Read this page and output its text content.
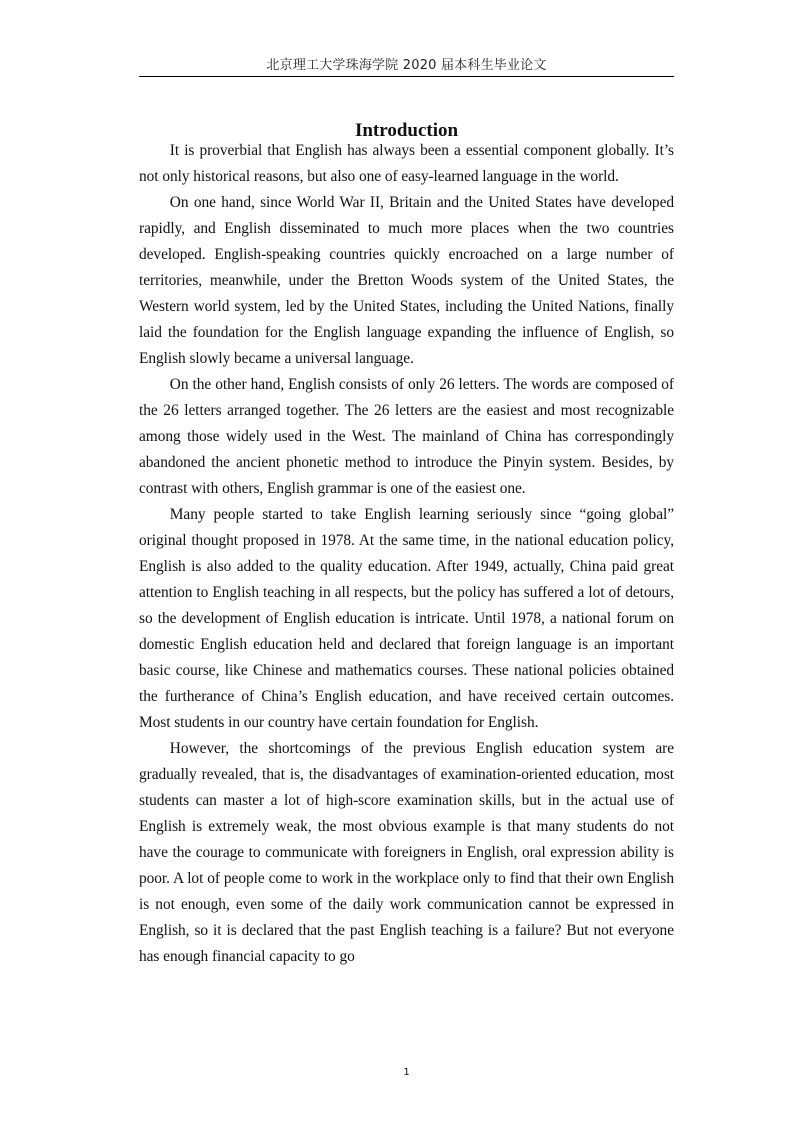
北京理工大学珠海学院 2020 届本科生毕业论文
Introduction

It is proverbial that English has always been a essential component globally. It’s not only historical reasons, but also one of easy-learned language in the world.

On one hand, since World War II, Britain and the United States have developed rapidly, and English disseminated to much more places when the two countries developed. English-speaking countries quickly encroached on a large number of territories, meanwhile, under the Bretton Woods system of the United States, the Western world system, led by the United States, including the United Nations, finally laid the foundation for the English language expanding the influence of English, so English slowly became a universal language.

On the other hand, English consists of only 26 letters. The words are composed of the 26 letters arranged together. The 26 letters are the easiest and most recognizable among those widely used in the West. The mainland of China has correspondingly abandoned the ancient phonetic method to introduce the Pinyin system. Besides, by contrast with others, English grammar is one of the easiest one.

Many people started to take English learning seriously since “going global” original thought proposed in 1978. At the same time, in the national education policy, English is also added to the quality education. After 1949, actually, China paid great attention to English teaching in all respects, but the policy has suffered a lot of detours, so the development of English education is intricate. Until 1978, a national forum on domestic English education held and declared that foreign language is an important basic course, like Chinese and mathematics courses. These national policies obtained the furtherance of China’s English education, and have received certain outcomes. Most students in our country have certain foundation for English.

However, the shortcomings of the previous English education system are gradually revealed, that is, the disadvantages of examination-oriented education, most students can master a lot of high-score examination skills, but in the actual use of English is extremely weak, the most obvious example is that many students do not have the courage to communicate with foreigners in English, oral expression ability is poor. A lot of people come to work in the workplace only to find that their own English is not enough, even some of the daily work communication cannot be expressed in English, so it is declared that the past English teaching is a failure? But not everyone has enough financial capacity to go

1
